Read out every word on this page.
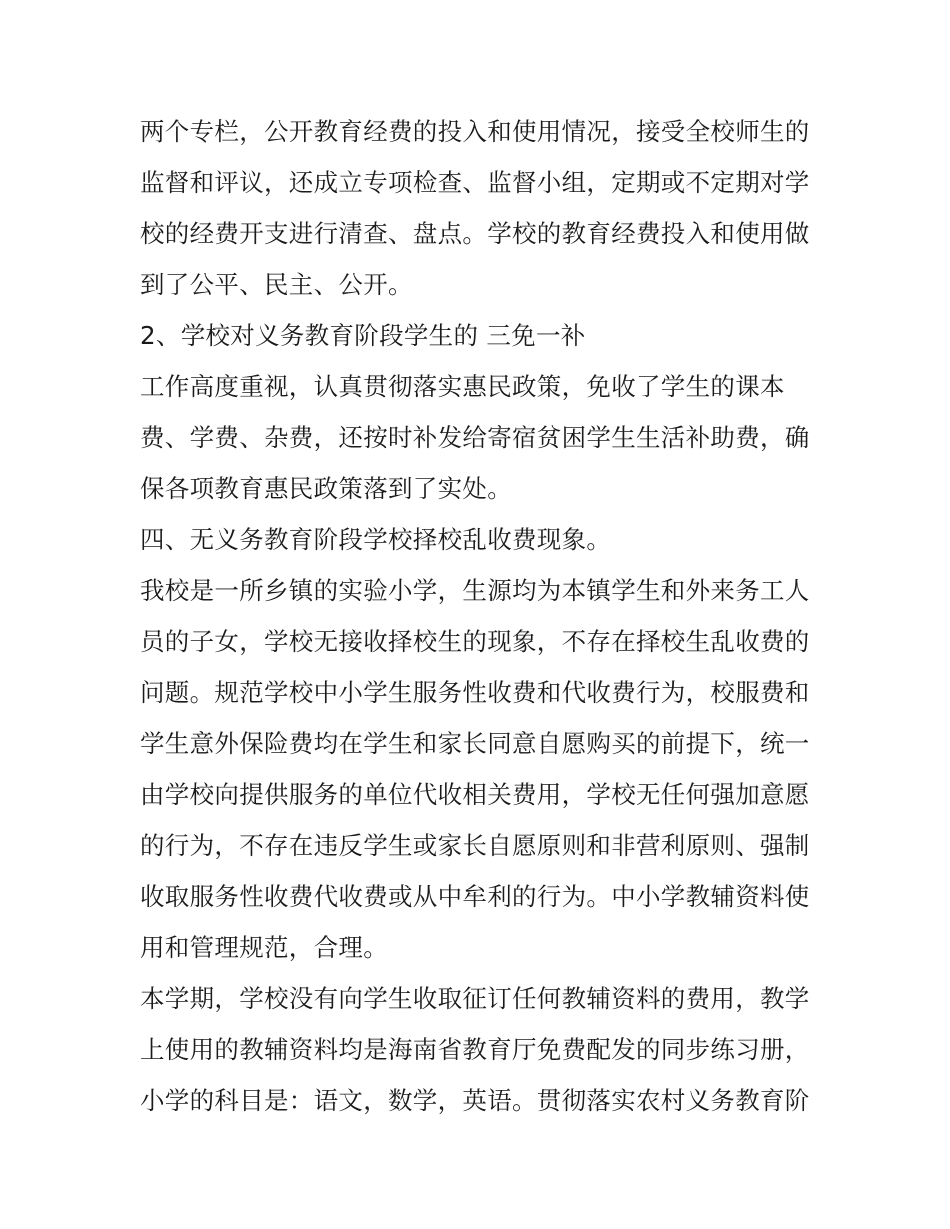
两个专栏，公开教育经费的投入和使用情况，接受全校师生的
监督和评议，还成立专项检查、监督小组，定期或不定期对学
校的经费开支进行清查、盘点。学校的教育经费投入和使用做
到了公平、民主、公开。
2、学校对义务教育阶段学生的 三免一补
工作高度重视，认真贯彻落实惠民政策，免收了学生的课本
费、学费、杂费，还按时补发给寄宿贫困学生生活补助费，确
保各项教育惠民政策落到了实处。
四、无义务教育阶段学校择校乱收费现象。
我校是一所乡镇的实验小学，生源均为本镇学生和外来务工人
员的子女，学校无接收择校生的现象，不存在择校生乱收费的
问题。规范学校中小学生服务性收费和代收费行为，校服费和
学生意外保险费均在学生和家长同意自愿购买的前提下，统一
由学校向提供服务的单位代收相关费用，学校无任何强加意愿
的行为，不存在违反学生或家长自愿原则和非营利原则、强制
收取服务性收费代收费或从中牟利的行为。中小学教辅资料使
用和管理规范，合理。
本学期，学校没有向学生收取征订任何教辅资料的费用，教学
上使用的教辅资料均是海南省教育厅免费配发的同步练习册，
小学的科目是：语文，数学，英语。贯彻落实农村义务教育阶
